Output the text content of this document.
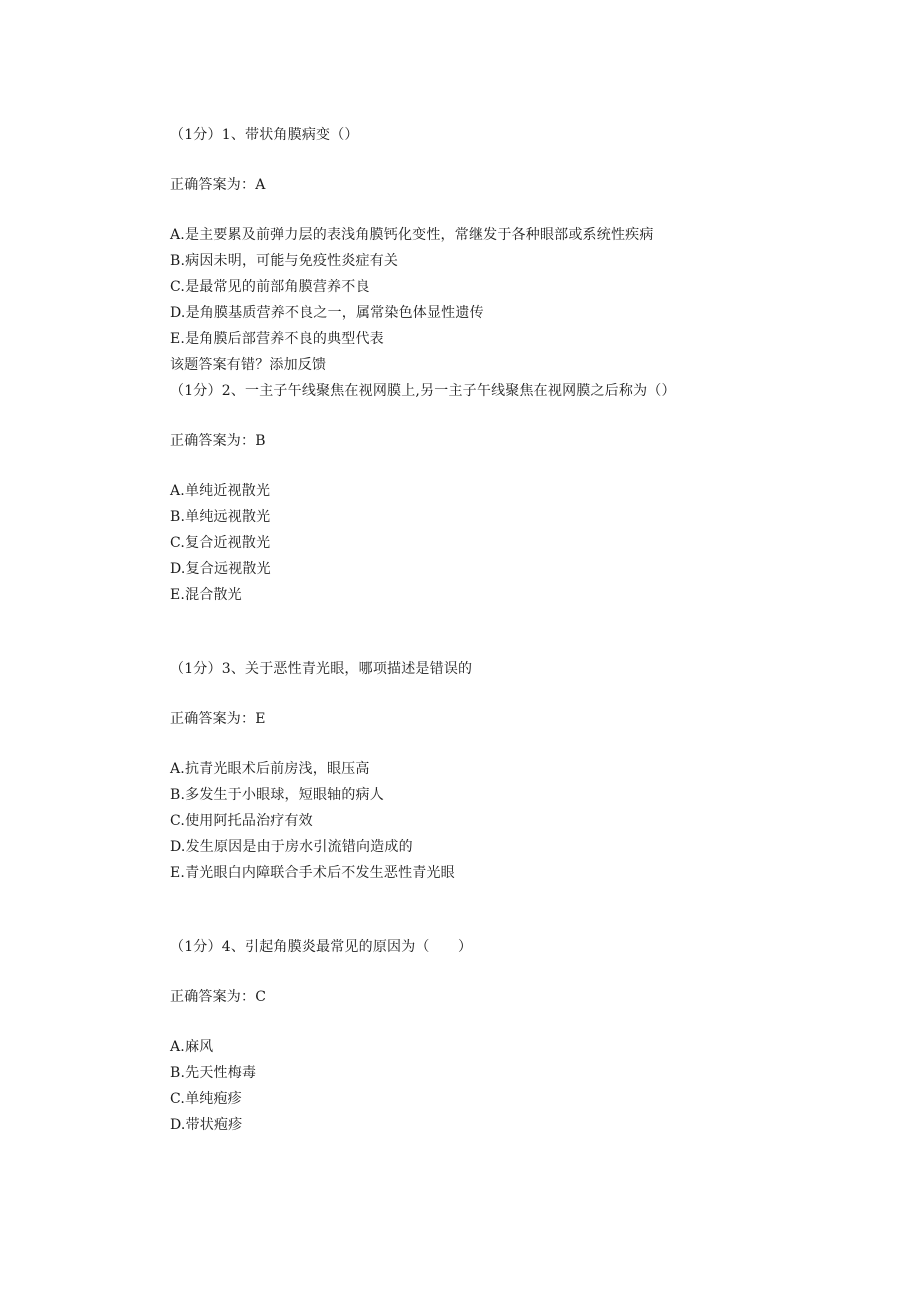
（1分）1、带状角膜病变（）
正确答案为：A
A.是主要累及前弹力层的表浅角膜钙化变性，常继发于各种眼部或系统性疾病
B.病因未明，可能与免疫性炎症有关
C.是最常见的前部角膜营养不良
D.是角膜基质营养不良之一，属常染色体显性遗传
E.是角膜后部营养不良的典型代表
该题答案有错？添加反馈
（1分）2、一主子午线聚焦在视网膜上,另一主子午线聚焦在视网膜之后称为（）
正确答案为：B
A.单纯近视散光
B.单纯远视散光
C.复合近视散光
D.复合远视散光
E.混合散光
（1分）3、关于恶性青光眼，哪项描述是错误的
正确答案为：E
A.抗青光眼术后前房浅，眼压高
B.多发生于小眼球，短眼轴的病人
C.使用阿托品治疗有效
D.发生原因是由于房水引流错向造成的
E.青光眼白内障联合手术后不发生恶性青光眼
（1分）4、引起角膜炎最常见的原因为（　　）
正确答案为：C
A.麻风
B.先天性梅毒
C.单纯疱疹
D.带状疱疹
